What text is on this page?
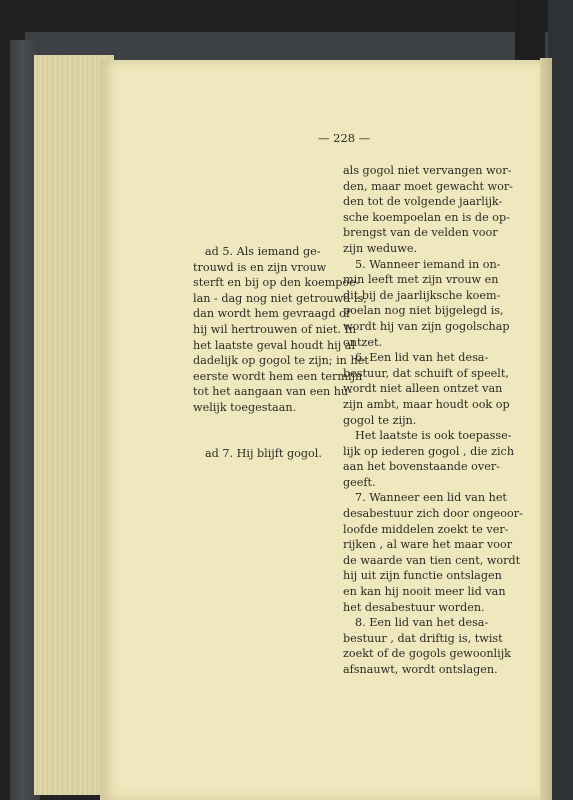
— 228 —
ad 5. Als iemand ge-
trouwd is en zijn vrouw
sterft en bij op den koempoe-
lan - dag nog niet getrouwd is,
dan wordt hem gevraagd of
hij wil hertrouwen of niet. In
het laatste geval houdt hij al
dadelijk op gogol te zijn; in het
eerste wordt hem een termijn
tot het aangaan van een hu-
welijk toegestaan.
ad 7. Hij blijft gogol.
als gogol niet vervangen wor-
den, maar moet gewacht wor-
den tot de volgende jaarlijk-
sche koempoelan en is de op-
brengst van de velden voor
zijn weduwe.
5. Wanneer iemand in on-
min leeft met zijn vrouw en
dit bij de jaarlijksche koem-
poelan nog niet bijgelegd is,
wordt hij van zijn gogolschap
ontzet.
6. Een lid van het desa-
bestuur, dat schuift of speelt,
wordt niet alleen ontzet van
zijn ambt, maar houdt ook op
gogol te zijn.
Het laatste is ook toepasse-
lijk op iederen gogol , die zich
aan het bovenstaande over-
geeft.
7. Wanneer een lid van het
desabestuur zich door ongeoor-
loofde middelen zoekt te ver-
rijken , al ware het maar voor
de waarde van tien cent, wordt
hij uit zijn functie ontslagen
en kan hij nooit meer lid van
het desabestuur worden.
8. Een lid van het desa-
bestuur , dat driftig is, twist
zoekt of de gogols gewoonlijk
afsnauwt, wordt ontslagen.
